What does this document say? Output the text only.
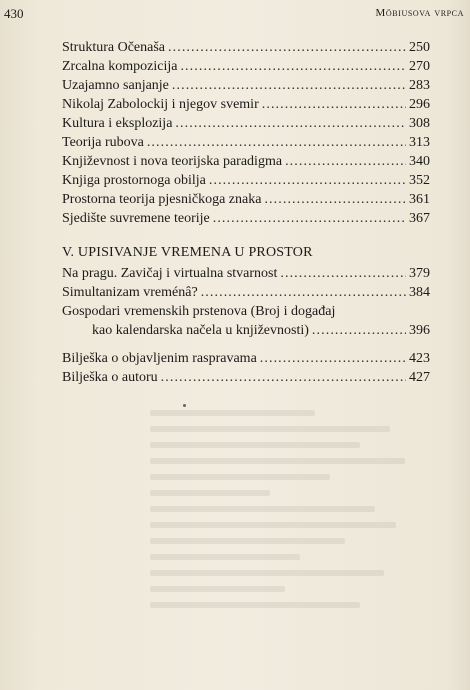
430	Möbiusova vrpca
Struktura Očenaša . . .	250
Zrcalna kompozicija . . .	270
Uzajamno sanjanje . . .	283
Nikolaj Zabolockij i njegov svemir . . .	296
Kultura i eksplozija . . .	308
Teorija rubova . . .	313
Književnost i nova teorijska paradigma . . .	340
Knjiga prostornoga obilja . . .	352
Prostorna teorija pjesničkoga znaka . . .	361
Sjedište suvremene teorije . . .	367
V. UPISIVANJE VREMENA U PROSTOR
Na pragu. Zavičaj i virtualna stvarnost . . .	379
Simultanizam vreménâ? . . .	384
Gospodari vremenskih prstenova (Broj i događaj
kao kalendarska načela u književnosti) . . .	396
Bilješka o objavljenim raspravama . . .	423
Bilješka o autoru . . .	427
